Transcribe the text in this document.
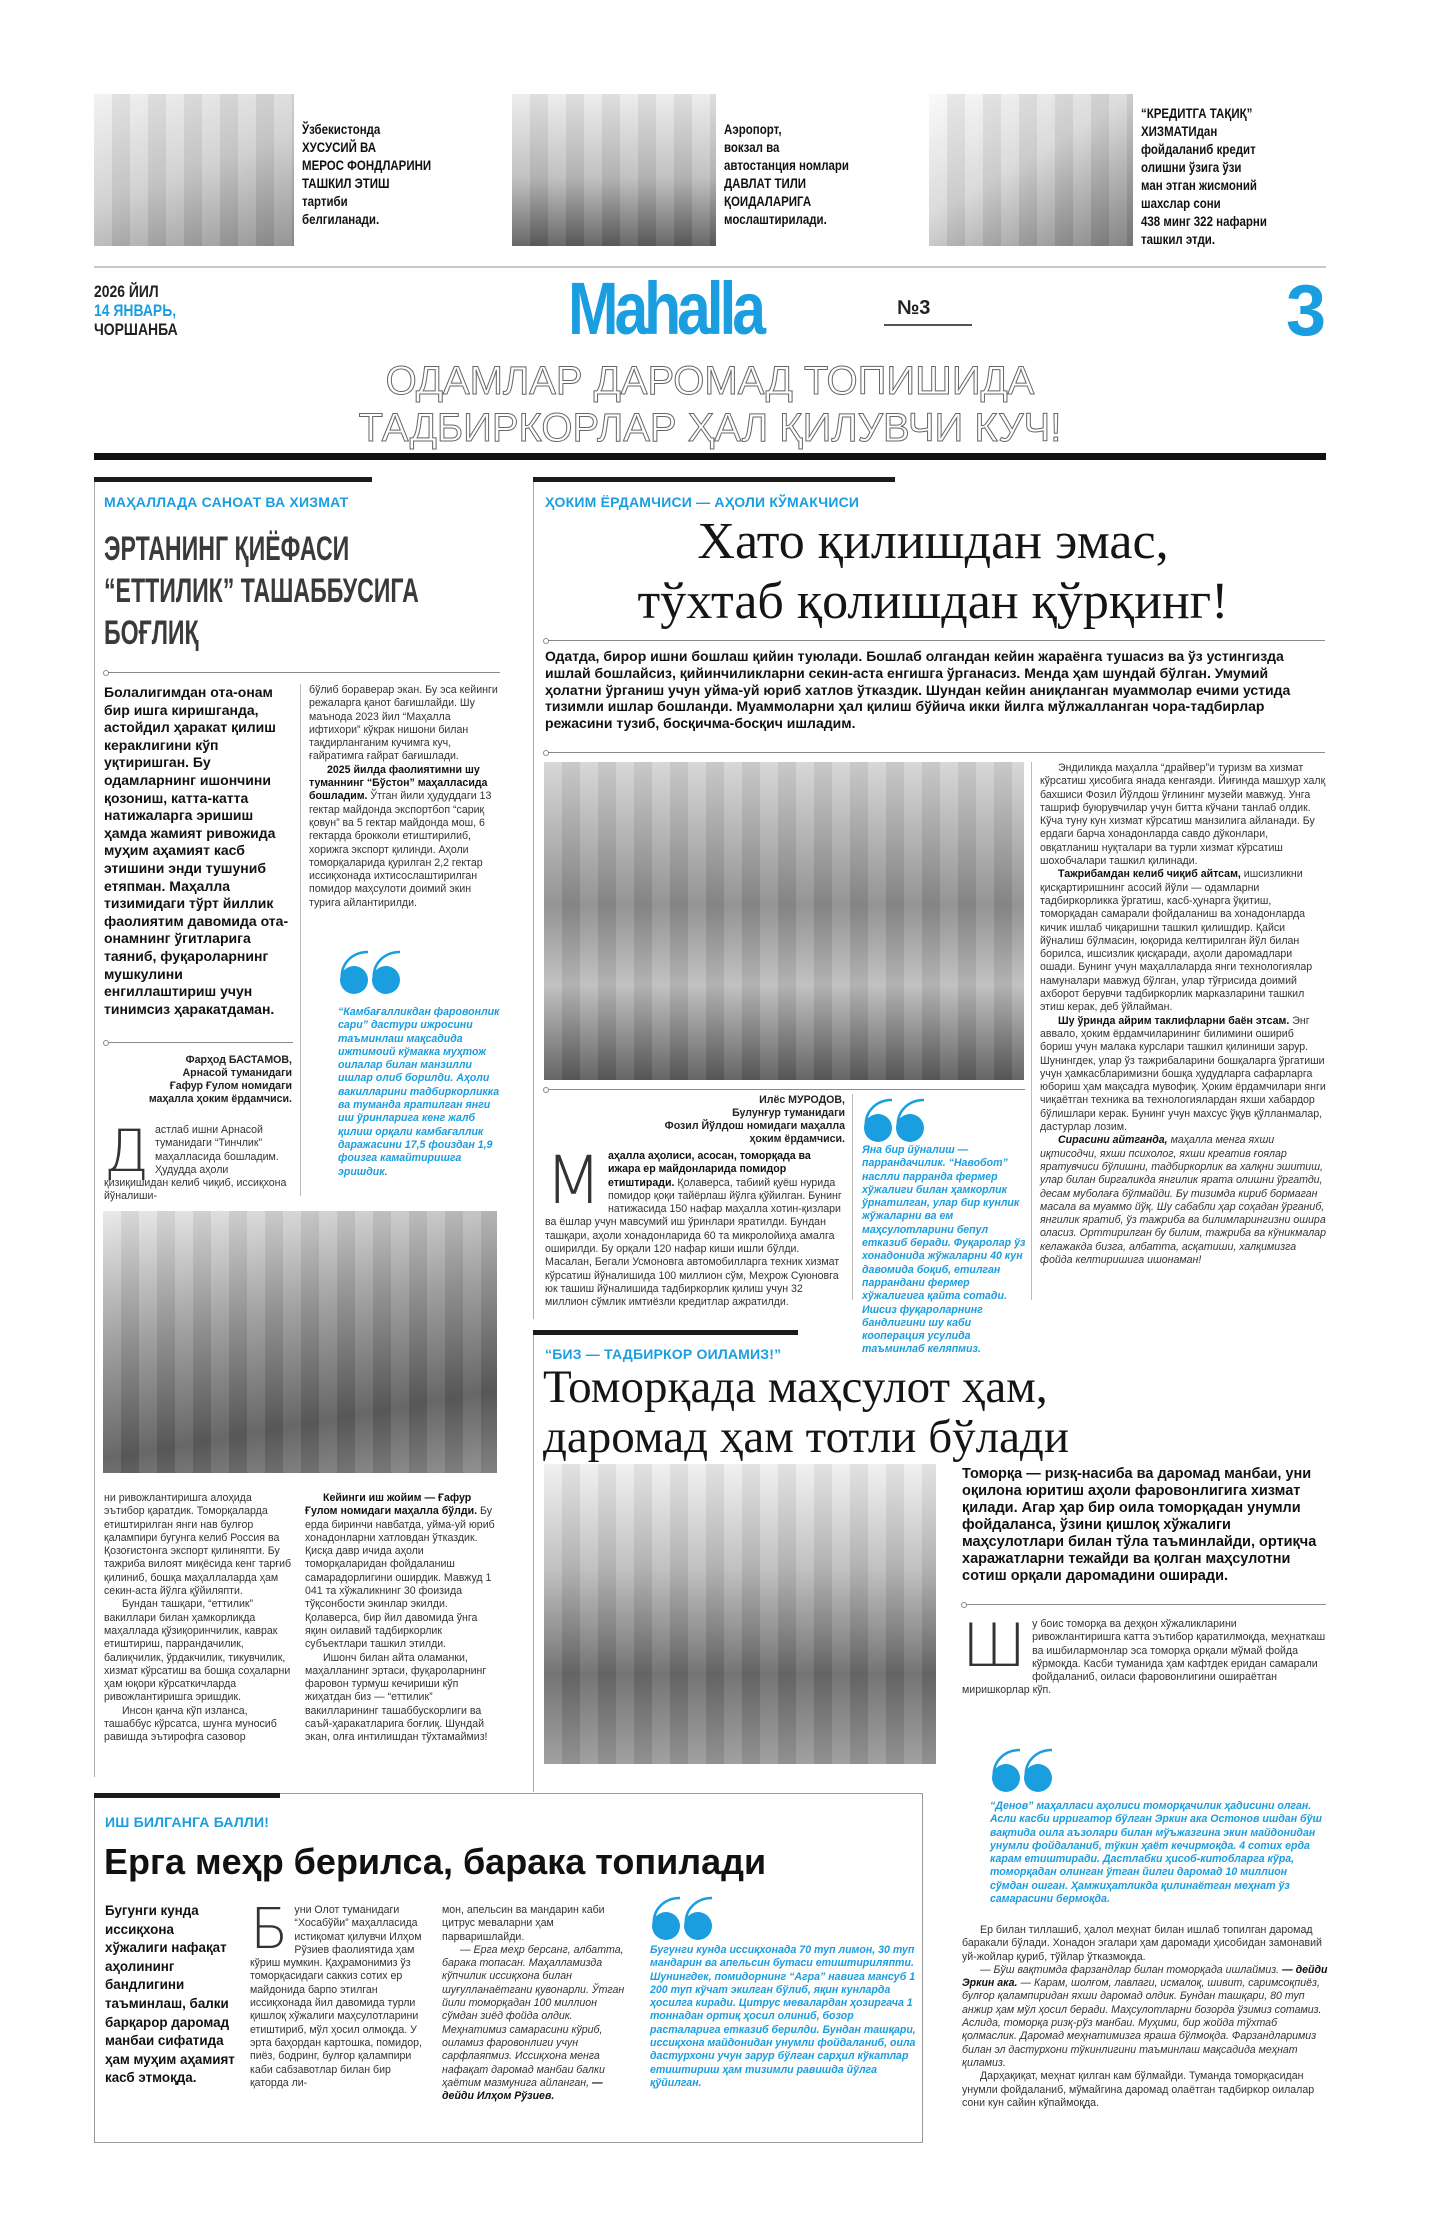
Ўзбекистонда
ХУСУСИЙ ВА
МЕРОС ФОНДЛАРИНИ
ТАШКИЛ ЭТИШ
тартиби
белгиланади.
Аэропорт,
вокзал ва
автостанция номлари
ДАВЛАТ ТИЛИ
ҚОИДАЛАРИГА
мослаштирилади.
“КРЕДИТГА ТАҚИҚ”
ХИЗМАТИдан
фойдаланиб кредит
олишни ўзига ўзи
ман этган жисмоний
шахслар сони
438 минг 322 нафарни
ташкил этди.
2026 ЙИЛ
14 ЯНВАРЬ,
ЧОРШАНБА	Mahalla	№3	3
ОДАМЛАР ДАРОМАД ТОПИШИДА
ТАДБИРКОРЛАР ҲАЛ ҚИЛУВЧИ КУЧ!
МАҲАЛЛАДА САНОАТ ВА ХИЗМАТ
ЭРТАНИНГ ҚИЁФАСИ
“ЕТТИЛИК” ТАШАББУСИГА
БОҒЛИҚ
Болалигимдан ота-онам бир ишга киришганда, астойдил ҳаракат қилиш кераклигини кўп уқтиришган. Бу одамларнинг ишончини қозониш, катта-катта натижаларга эришиш ҳамда жамият ривожида муҳим аҳамият касб этишини энди тушуниб етяпман. Маҳалла тизимидаги тўрт йиллик фаолиятим давомида ота-онамнинг ўгитларига таяниб, фуқароларнинг мушкулини енгиллаштириш учун тинимсиз ҳаракатдаман.

бўлиб бораверар экан. Бу эса кейинги режаларга қанот бағишлайди. Шу маънода 2023 йил “Маҳалла ифтихори” кўкрак нишони билан тақдирланганим кучимга куч, ғайратимга ғайрат бағишлади.

2025 йилда фаолиятимни шу туманнинг “Бўстон” маҳалласида бошладим. Ўтган йили ҳудуддаги 13 гектар майдонда экспортбоп “сариқ қовун” ва 5 гектар майдонда мош, 6 гектарда брокколи етиштирилиб, хорижга экспорт қилинди. Аҳоли томорқаларида қурилган 2,2 гектар иссиқхонада ихтисослаштирилган помидор маҳсулоти доимий экин турига айлантирилди.

Фарҳод БАСТАМОВ,
Арнасой туманидаги
Ғафур Ғулом номидаги
маҳалла ҳоким ёрдамчиси.

Дастлаб ишни Арнасой туманидаги “Тинчлик” маҳалласида бошладим. Ҳудудда аҳоли қизиқишидан келиб чиқиб, иссиқхона йўналиши-

“Камбағалликдан фаровонлик сари” дастури ижросини таъминлаш мақсадида ижтимоий кўмакка муҳтож оилалар билан манзилли ишлар олиб борилди. Аҳоли вакилларини тадбиркорликка ва туманда яратилган янги иш ўринларига кенг жалб қилиш орқали камбағаллик даражасини 17,5 фоиздан 1,9 фоизга камайтиришга эришдик.

ни ривожлантиришга алоҳида эътибор қаратдик. Томорқаларда етиштирилган янги нав булғор қалампири бугунга келиб Россия ва Қозоғистонга экспорт қилиняпти. Бу тажриба вилоят миқёсида кенг тарғиб қилиниб, бошқа маҳаллаларда ҳам секин-аста йўлга қўйиляпти.

Бундан ташқари, “еттилик” вакиллари билан ҳамкорликда маҳаллада қўзиқоринчилик, каврак етиштириш, паррандачилик, балиқчилик, ўрдакчилик, тикувчилик, хизмат кўрсатиш ва бошқа соҳаларни ҳам юқори кўрсаткичларда ривожлантиришга эришдик.

Инсон қанча кўп изланса, ташаббус кўрсатса, шунга муносиб равишда эътирофга сазовор

Кейинги иш жойим — Ғафур Ғулом номидаги маҳалла бўлди. Бу ерда биринчи навбатда, уйма-уй юриб хонадонларни хатловдан ўтказдик. Қисқа давр ичида аҳоли томорқаларидан фойдаланиш самарадорлигини оширдик. Мавжуд 1 041 та хўжаликнинг 30 фоизида тўқсонбости экинлар экилди. Қолаверса, бир йил давомида ўнга яқин оилавий тадбиркорлик субъектлари ташкил этилди.

Ишонч билан айта оламанки, маҳалланинг эртаси, фуқароларнинг фаровон турмуш кечириши кўп жиҳатдан биз — “еттилик” вакилларининг ташаббускорлиги ва саъй-ҳаракатларига боғлиқ. Шундай экан, олға интилишдан тўхтамаймиз!

ҲОКИМ ЁРДАМЧИСИ — АҲОЛИ КЎМАКЧИСИ
Хато қилишдан эмас,
тўхтаб қолишдан қўрқинг!
Одатда, бирор ишни бошлаш қийин туюлади. Бошлаб олгандан кейин жараёнга тушасиз ва ўз устингизда ишлай бошлайсиз, қийинчиликларни секин-аста енгишга ўрганасиз. Менда ҳам шундай бўлган. Умумий ҳолатни ўрганиш учун уйма-уй юриб хатлов ўтказдик. Шундан кейин аниқланган муаммолар ечими устида тизимли ишлар бошланди. Муаммоларни ҳал қилиш бўйича икки йилга мўлжалланган чора-тадбирлар режасини тузиб, босқичма-босқич ишладим.

Эндиликда маҳалла “драйвер”и туризм ва хизмат кўрсатиш ҳисобига янада кенгаяди. Йиғинда машҳур халқ бахшиси Фозил Йўлдош ўғлининг музейи мавжуд. Унга ташриф буюрувчилар учун битта кўчани танлаб олдик. Кўча туну кун хизмат кўрсатиш манзилига айланади. Бу ердаги барча хонадонларда савдо дўконлари, овқатланиш нуқталари ва турли хизмат кўрсатиш шохобчалари ташкил қилинади.

Тажрибамдан келиб чиқиб айтсам, ишсизликни қисқартиришнинг асосий йўли — одамларни тадбиркорликка ўргатиш, касб-ҳунарга ўқитиш, томорқадан самарали фойдаланиш ва хонадонларда кичик ишлаб чиқаришни ташкил қилишдир. Қайси йўналиш бўлмасин, юқорида келтирилган йўл билан борилса, ишсизлик қисқаради, аҳоли даромадлари ошади. Бунинг учун маҳаллаларда янги технологиялар намуналари мавжуд бўлган, улар тўғрисида доимий ахборот берувчи тадбиркорлик марказларини ташкил этиш керак, деб ўйлайман.

Шу ўринда айрим таклифларни баён этсам. Энг аввало, ҳоким ёрдамчиларининг билимини ошириб бориш учун малака курслари ташкил қилиниши зарур. Шунингдек, улар ўз тажрибаларини бошқаларга ўргатиши учун ҳамкасбларимизни бошқа ҳудудларга сафарларга юбориш ҳам мақсадга мувофиқ. Ҳоким ёрдамчилари янги чиқаётган техника ва технологиялардан яхши хабардор бўлишлари керак. Бунинг учун махсус ўқув қўлланмалар, дастурлар лозим.

Сирасини айтганда, маҳалла менга яхши иқтисодчи, яхши психолог, яхши креатив ғоялар яратувчиси бўлишни, тадбиркорлик ва халқни эшитиш, улар билан биргаликда янгилик ярата олишни ўргатди, десам муболаға бўлмайди. Бу тизимда кириб бормаган масала ва муаммо йўқ. Шу сабабли ҳар соҳадан ўрганиб, янгилик яратиб, ўз тажриба ва билимларингизни ошира оласиз. Орттирилган бу билим, тажриба ва кўникмалар келажакда бизга, албатта, асқатиши, халқимизга фойда келтиришига ишонаман!

Илёс МУРОДОВ,
Булунғур туманидаги
Фозил Йўлдош номидаги маҳалла
ҳоким ёрдамчиси.

Маҳалла аҳолиси, асосан, томорқада ва ижара ер майдонларида помидор етиштиради. Қолаверса, табиий қуёш нурида помидор қоқи тайёрлаш йўлга қўйилган. Бунинг натижасида 150 нафар маҳалла хотин-қизлари ва ёшлар учун мавсумий иш ўринлари яратилди. Бундан ташқари, аҳоли хонадонларида 60 та микролойиҳа амалга оширилди. Бу орқали 120 нафар киши ишли бўлди. Масалан, Бегали Усмоновга автомобилларга техник хизмат кўрсатиш йўналишида 100 миллион сўм, Меҳрож Суюновга юк ташиш йўналишида тадбиркорлик қилиш учун 32 миллион сўмлик имтиёзли кредитлар ажратилди.

Яна бир йўналиш — паррандачилик. “Навобот” наслли парранда фермер хўжалиги билан ҳамкорлик ўрнатилган, улар бир кунлик жўжаларни ва ем маҳсулотларини бепул етказиб беради. Фуқаролар ўз хонадонида жўжаларни 40 кун давомида боқиб, етилган паррандани фермер хўжалигига қайта сотади. Ишсиз фуқароларнинг бандлигини шу каби кооперация усулида таъминлаб келяпмиз.
“БИЗ — ТАДБИРКОР ОИЛАМИЗ!”
Томорқада маҳсулот ҳам,
даромад ҳам тотли бўлади
Томорқа — ризқ-насиба ва даромад манбаи, уни оқилона юритиш аҳоли фаровонлигига хизмат қилади. Агар ҳар бир оила томорқадан унумли фойдаланса, ўзини қишлоқ хўжалиги маҳсулотлари билан тўла таъминлайди, ортиқча харажатларни тежайди ва қолган маҳсулотни сотиш орқали даромадини оширади.

Шу боис томорқа ва деҳқон хўжаликларини ривожлантиришга катта эътибор қаратилмоқда, меҳнаткаш ва ишбилармонлар эса томорқа орқали мўмай фойда кўрмоқда. Касби туманида ҳам кафтдек еридан самарали фойдаланиб, оиласи фаровонлигини ошираётган миришкорлар кўп.

“Денов” маҳалласи аҳолиси томорқачилик ҳадисини олган. Асли касби ирригатор бўлган Эркин ака Остонов ишдан бўш вақтида оила аъзолари билан мўъжазгина экин майдонидан унумли фойдаланиб, тўкин ҳаёт кечирмоқда. 4 сотих ерда карам етиштиради. Дастлабки ҳисоб-китобларга кўра, томорқадан олинган ўтган йилги даромад 10 миллион сўмдан ошган. Ҳамжиҳатликда қилинаётган меҳнат ўз самарасини бермоқда.

Ер билан тиллашиб, ҳалол меҳнат билан ишлаб топилган даромад баракали бўлади. Хонадон эгалари ҳам даромади ҳисобидан замонавий уй-жойлар қуриб, тўйлар ўтказмоқда.

— Бўш вақтимда фарзандлар билан томорқада ишлаймиз. — дейди Эркин ака. — Карам, шолғом, лавлаги, исмалоқ, шивит, саримсоқпиёз, булғор қалампиридан яхши даромад олдик. Бундан ташқари, 80 туп анжир ҳам мўл ҳосил беради. Маҳсулотларни бозорда ўзимиз сотамиз. Аслида, томорқа ризқ-рўз манбаи. Муҳими, бир жойда тўхтаб қолмаслик. Даромад меҳнатимизга яраша бўлмоқда. Фарзандларимиз билан эл дастурхони тўкинлигини таъминлаш мақсадида меҳнат қиламиз.

Дарҳақиқат, меҳнат қилган кам бўлмайди. Туманда томорқасидан унумли фойдаланиб, мўмайгина даромад олаётган тадбиркор оилалар сони кун сайин кўпаймоқда.

ИШ БИЛГАНГА БАЛЛИ!
Ерга меҳр берилса, барака топилади
Бугунги кунда иссиқхона хўжалиги нафақат аҳолининг бандлигини таъминлаш, балки барқарор даромад манбаи сифатида ҳам муҳим аҳамият касб этмоқда.

Буни Олот туманидаги “Хосабўйи” маҳалласида истиқомат қилувчи Илҳом Рўзиев фаолиятида ҳам кўриш мумкин. Қаҳрамонимиз ўз томорқасидаги саккиз сотих ер майдонида барпо этилган иссиқхонада йил давомида турли қишлоқ хўжалиги маҳсулотларини етиштириб, мўл ҳосил олмоқда. У эрта баҳордан картошка, помидор, пиёз, бодринг, булғор қалампири каби сабзавотлар билан бир қаторда ли-

мон, апельсин ва мандарин каби цитрус меваларни ҳам парваришлайди.

— Ерга меҳр берсанг, албатта, барака топасан. Маҳалламизда кўпчилик иссиқхона билан шуғулланаётгани қувонарли. Ўтган йили томорқадан 100 миллион сўмдан зиёд фойда олдик. Меҳнатимиз самарасини кўриб, оиламиз фаровонлиги учун сарфлаяпмиз. Иссиқхона менга нафақат даромад манбаи балки ҳаётим мазмунига айланган, — дейди Илҳом Рўзиев.

Бугунги кунда иссиқхонада 70 туп лимон, 30 туп мандарин ва апельсин бутаси етиштириляпти. Шунингдек, помидорнинг “Агра” навига мансуб 1 200 туп кўчат экилган бўлиб, яқин кунларда ҳосилга киради. Цитрус мевалардан ҳозиргача 1 тоннадан ортиқ ҳосил олиниб, бозор расталарига етказиб берилди. Бундан ташқари, иссиқхона майдонидан унумли фойдаланиб, оила дастурхони учун зарур бўлган сарҳил кўкатлар етиштириш ҳам тизимли равишда йўлга қўйилган.
